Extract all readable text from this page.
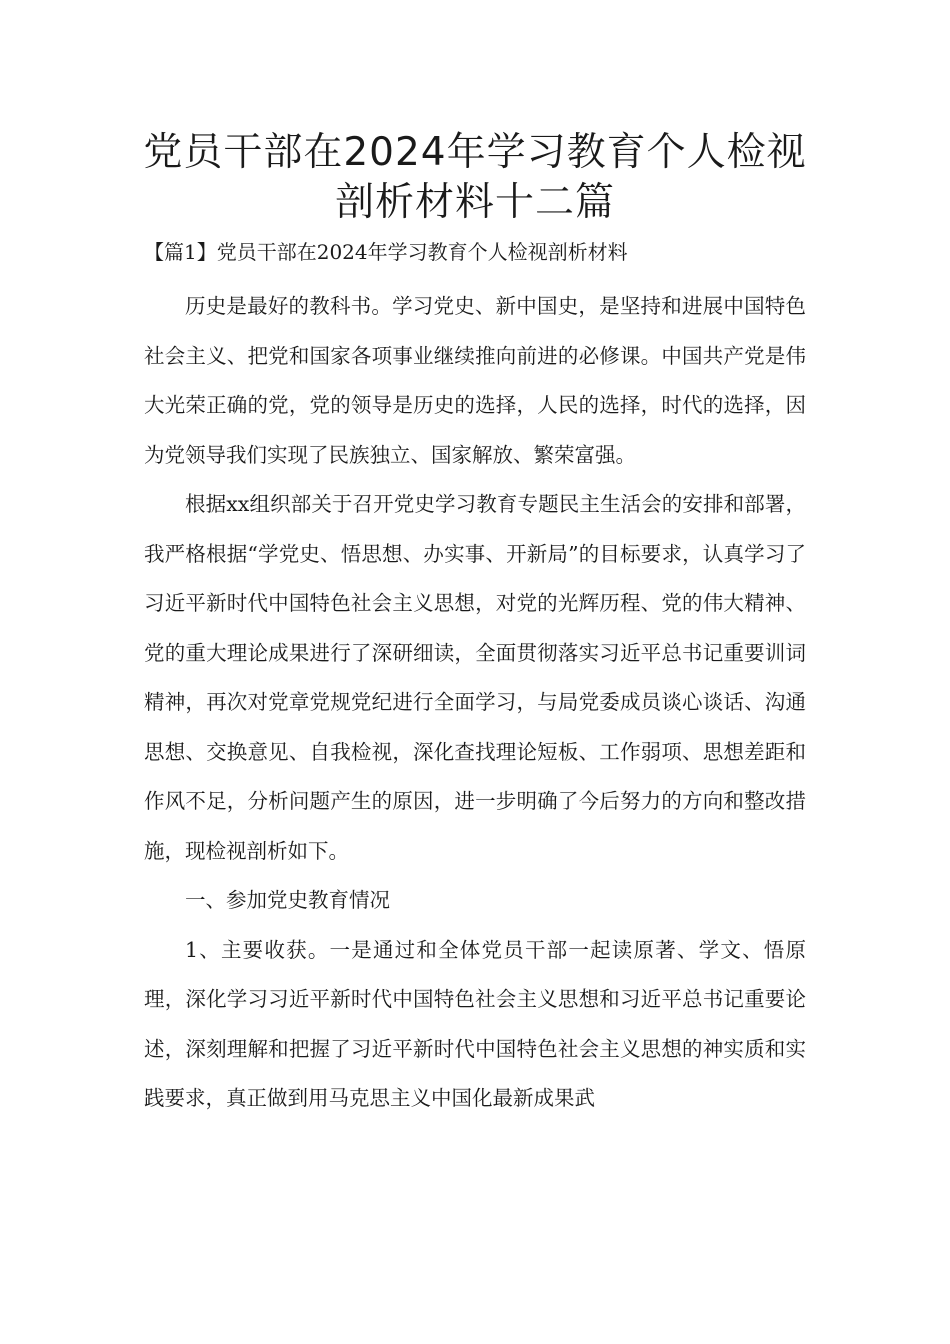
党员干部在2024年学习教育个人检视
剖析材料十二篇
【篇1】党员干部在2024年学习教育个人检视剖析材料

历史是最好的教科书。学习党史、新中国史，是坚持和进展中国特色社会主义、把党和国家各项事业继续推向前进的必修课。中国共产党是伟大光荣正确的党，党的领导是历史的选择，人民的选择，时代的选择，因为党领导我们实现了民族独立、国家解放、繁荣富强。

根据xx组织部关于召开党史学习教育专题民主生活会的安排和部署，我严格根据“学党史、悟思想、办实事、开新局”的目标要求，认真学习了习近平新时代中国特色社会主义思想，对党的光辉历程、党的伟大精神、党的重大理论成果进行了深研细读，全面贯彻落实习近平总书记重要训词精神，再次对党章党规党纪进行全面学习，与局党委成员谈心谈话、沟通思想、交换意见、自我检视，深化查找理论短板、工作弱项、思想差距和作风不足，分析问题产生的原因，进一步明确了今后努力的方向和整改措施，现检视剖析如下。

一、参加党史教育情况

1、主要收获。一是通过和全体党员干部一起读原著、学文、悟原理，深化学习习近平新时代中国特色社会主义思想和习近平总书记重要论述，深刻理解和把握了习近平新时代中国特色社会主义思想的神实质和实践要求，真正做到用马克思主义中国化最新成果武
